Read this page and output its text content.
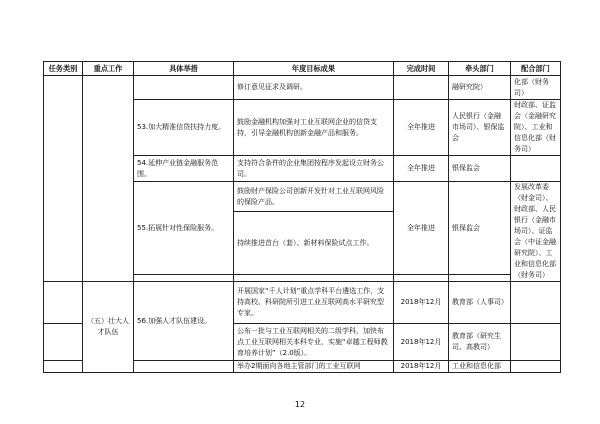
任务类别	重点工作	具体举措	年度目标成果	完成时间	牵头部门	配合部门
			修订意见征求及调研。		融研究院）	化部（财务司）
		53.加大精准信贷扶持力度。	鼓励金融机构加强对工业互联网企业的信贷支持，引导金融机构创新金融产品和服务。	全年推进	人民银行（金融市场司）、银保监会	财政部、证监会（金融研究院）、工业和信息化部（财务司）
		54.延伸产业链金融服务范围。	支持符合条件的企业集团按程序发起设立财务公司。	全年推进	银保监会	
		55.拓展针对性保险服务。	鼓励财产保险公司创新开发针对工业互联网风险的保险产品。	全年推进	银保监会	发展改革委（财金司）、财政部、人民银行（金融市场司）、证监会（中证金融研究院）、工业和信息化部（财务司）
			持续推进首台（套）、新材料保险试点工作。			

	（五）壮大人才队伍	56.加强人才队伍建设。	开展国家“千人计划”重点学科平台遴选工作，支持高校、科研院所引进工业互联网高水平研究型专家。	2018年12月	教育部（人事司）	
			公布一批与工业互联网相关的二级学科，加快布点工业互联网相关本科专业，实施“卓越工程师教育培养计划”（2.0版）。	2018年12月	教育部（研究生司、高教司）	
			举办2期面向各地主管部门的工业互联网	2018年12月	工业和信息化部	
12
